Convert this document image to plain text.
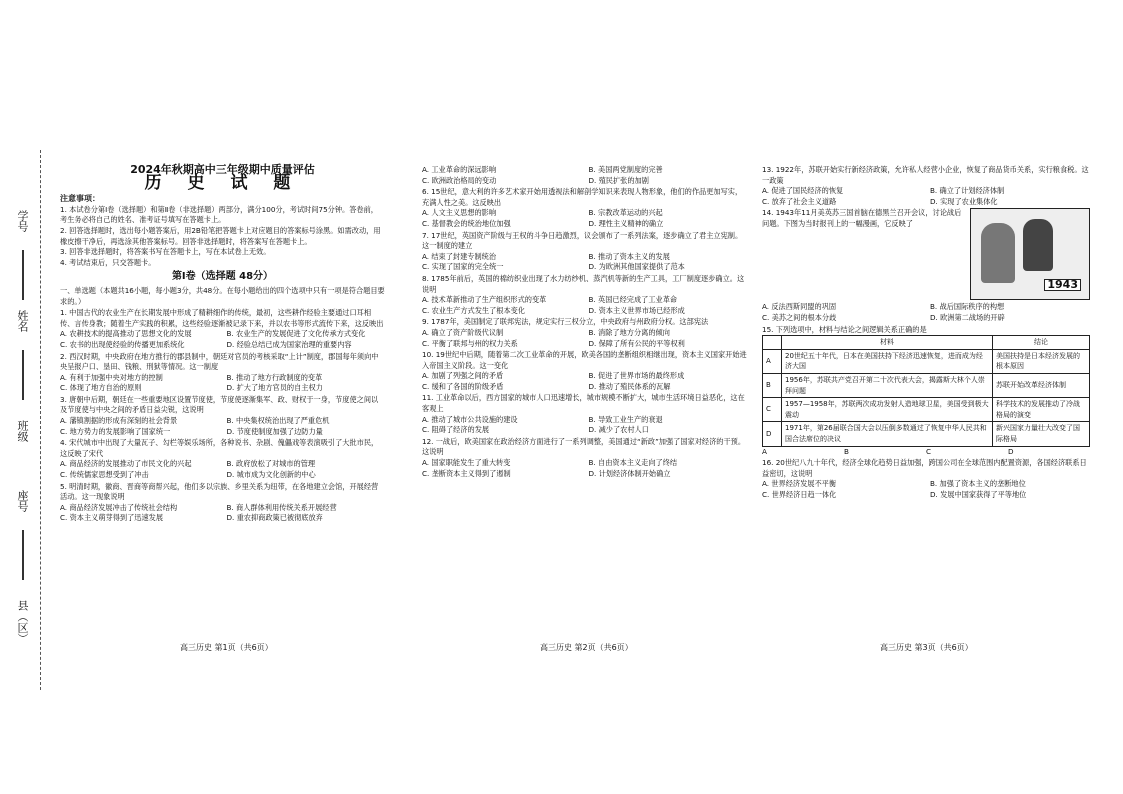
学号
姓名
班级
座号
县（区）

2024年秋期高中三年级期中质量评估

历 史 试 题

注意事项：

1. 本试卷分第Ⅰ卷（选择题）和第Ⅱ卷（非选择题）两部分，满分100分，考试时间75分钟。答卷前，考生务必将自己的姓名、准考证号填写在答题卡上。

2. 回答选择题时，选出每小题答案后，用2B铅笔把答题卡上对应题目的答案标号涂黑。如需改动，用橡皮擦干净后，再选涂其他答案标号。回答非选择题时，将答案写在答题卡上。

3. 回答非选择题时，将答案书写在答题卡上，写在本试卷上无效。

4. 考试结束后，只交答题卡。

第Ⅰ卷（选择题 48分）

一、单选题（本题共16小题，每小题3分，共48分。在每小题给出的四个选项中只有一项是符合题目要求的。）

1. 中国古代的农业生产在长期发展中形成了精耕细作的传统，最初，这些耕作经验主要通过口耳相传、言传身教；随着生产实践的积累，这些经验逐渐被记录下来，并以农书等形式流传下来，这反映出

A. 农耕技术的提高推动了思想文化的发展	B. 农业生产的发展促进了文化传承方式变化
C. 农书的出现使经验的传播更加系统化	D. 经验总结已成为国家治理的重要内容

2. 西汉时期，中央政府在地方推行的郡县制中，朝廷对官员的考核采取“上计”制度，郡国每年须向中央呈报户口、垦田、钱粮、刑狱等情况。这一制度

A. 有利于加强中央对地方的控制	B. 推动了地方行政制度的变革
C. 体现了地方自治的原则	D. 扩大了地方官员的自主权力

3. 唐朝中后期，朝廷在一些重要地区设置节度使，节度使逐渐集军、政、财权于一身，节度使之间以及节度使与中央之间的矛盾日益尖锐，这说明

A. 藩镇割据的形成有深刻的社会背景	B. 中央集权统治出现了严重危机
C. 地方势力的发展影响了国家统一	D. 节度使制度加强了边防力量

4. 宋代城市中出现了大量瓦子、勾栏等娱乐场所，各种说书、杂剧、傀儡戏等表演吸引了大批市民，这反映了宋代

A. 商品经济的发展推动了市民文化的兴起	B. 政府放松了对城市的管理
C. 传统儒家思想受到了冲击	D. 城市成为文化创新的中心

5. 明清时期，徽商、晋商等商帮兴起，他们多以宗族、乡里关系为纽带，在各地建立会馆，开展经营活动。这一现象说明

A. 商品经济发展冲击了传统社会结构	B. 商人群体利用传统关系开展经营
C. 资本主义萌芽得到了迅速发展	D. 重农抑商政策已被彻底放弃
A. 工业革命的深远影响	B. 美国两党制度的完善
C. 欧洲政治格局的变动	D. 殖民扩张的加剧

6. 15世纪，意大利的许多艺术家开始用透视法和解剖学知识来表现人物形象，他们的作品更加写实，充满人性之美。这反映出

A. 人文主义思想的影响	B. 宗教改革运动的兴起
C. 基督教会的统治地位加强	D. 理性主义精神的确立

7. 17世纪，英国资产阶级与王权的斗争日趋激烈，议会颁布了一系列法案，逐步确立了君主立宪制。这一制度的建立

A. 结束了封建专制统治	B. 推动了资本主义的发展
C. 实现了国家的完全统一	D. 为欧洲其他国家提供了范本

8. 1785年前后，英国的棉纺织业出现了水力纺纱机、蒸汽机等新的生产工具，工厂制度逐步确立。这说明

A. 技术革新推动了生产组织形式的变革	B. 英国已经完成了工业革命
C. 农业生产方式发生了根本变化	D. 资本主义世界市场已经形成

9. 1787年，美国制定了联邦宪法，规定实行三权分立，中央政府与州政府分权。这部宪法

A. 确立了资产阶级代议制	B. 消除了地方分离的倾向
C. 平衡了联邦与州的权力关系	D. 保障了所有公民的平等权利

10. 19世纪中后期，随着第二次工业革命的开展，欧美各国的垄断组织相继出现，资本主义国家开始进入帝国主义阶段。这一变化

A. 加剧了列强之间的矛盾	B. 促进了世界市场的最终形成
C. 缓和了各国的阶级矛盾	D. 推动了殖民体系的瓦解

11. 工业革命以后，西方国家的城市人口迅速增长，城市规模不断扩大，城市生活环境日益恶化，这在客观上

A. 推动了城市公共设施的建设	B. 导致工业生产的衰退
C. 阻碍了经济的发展	D. 减少了农村人口

12. 一战后，欧美国家在政治经济方面进行了一系列调整，美国通过“新政”加强了国家对经济的干预。这说明

A. 国家职能发生了重大转变	B. 自由资本主义走向了终结
C. 垄断资本主义得到了遏制	D. 计划经济体制开始确立

13. 1922年，苏联开始实行新经济政策，允许私人经营小企业，恢复了商品货币关系，实行粮食税。这一政策

A. 促进了国民经济的恢复	B. 确立了计划经济体制
C. 放弃了社会主义道路	D. 实现了农业集体化
1943

14. 1943年11月美英苏三国首脑在德黑兰召开会议，讨论战后问题。下图为当时报刊上的一幅漫画，它反映了

A. 反法西斯同盟的巩固	B. 战后国际秩序的构想
C. 美苏之间的根本分歧	D. 欧洲第二战场的开辟

15. 下列选项中，材料与结论之间逻辑关系正确的是

	材料	结论
A	20世纪五十年代，日本在美国扶持下经济迅速恢复，进而成为经济大国	美国扶持是日本经济发展的根本原因
B	1956年，苏联共产党召开第二十次代表大会，揭露斯大林个人崇拜问题	苏联开始改革经济体制
C	1957—1958年，苏联两次成功发射人造地球卫星，美国受到极大震动	科学技术的发展推动了冷战格局的演变
D	1971年，第26届联合国大会以压倒多数通过了恢复中华人民共和国合法席位的决议	新兴国家力量壮大改变了国际格局
A	B	C	D

16. 20世纪八九十年代，经济全球化趋势日益加强，跨国公司在全球范围内配置资源，各国经济联系日益密切，这说明

A. 世界经济发展不平衡	B. 加强了资本主义的垄断地位
C. 世界经济日趋一体化	D. 发展中国家获得了平等地位
高三历史 第1页（共6页）	高三历史 第2页（共6页）	高三历史 第3页（共6页）
